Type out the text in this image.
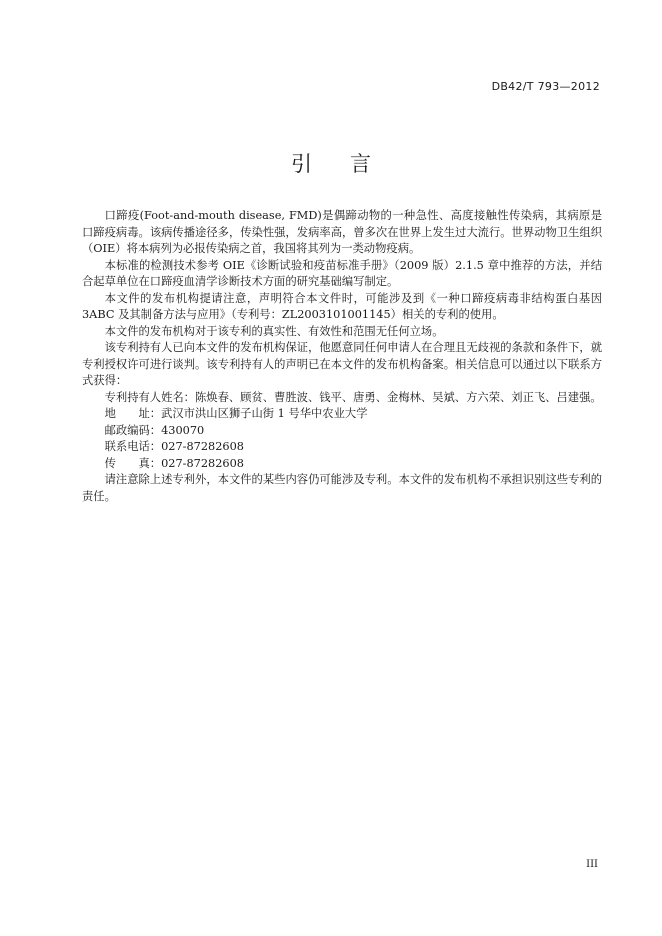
DB42/T 793—2012
引言

口蹄疫(Foot-and-mouth disease, FMD)是偶蹄动物的一种急性、高度接触性传染病，其病原是口蹄疫病毒。该病传播途径多，传染性强，发病率高，曾多次在世界上发生过大流行。世界动物卫生组织（OIE）将本病列为必报传染病之首，我国将其列为一类动物疫病。

本标准的检测技术参考 OIE《诊断试验和疫苗标准手册》（2009 版）2.1.5 章中推荐的方法，并结合起草单位在口蹄疫血清学诊断技术方面的研究基础编写制定。

本文件的发布机构提请注意，声明符合本文件时，可能涉及到《一种口蹄疫病毒非结构蛋白基因 3ABC 及其制备方法与应用》（专利号：ZL2003101001145）相关的专利的使用。

本文件的发布机构对于该专利的真实性、有效性和范围无任何立场。

该专利持有人已向本文件的发布机构保证，他愿意同任何申请人在合理且无歧视的条款和条件下，就专利授权许可进行谈判。该专利持有人的声明已在本文件的发布机构备案。相关信息可以通过以下联系方式获得：

专利持有人姓名：陈焕春、顾贫、曹胜波、钱平、唐勇、金梅林、吴斌、方六荣、刘正飞、吕建强。
地　　址：武汉市洪山区狮子山街 1 号华中农业大学
邮政编码：430070
联系电话：027-87282608
传　　真：027-87282608

请注意除上述专利外，本文件的某些内容仍可能涉及专利。本文件的发布机构不承担识别这些专利的责任。

III
